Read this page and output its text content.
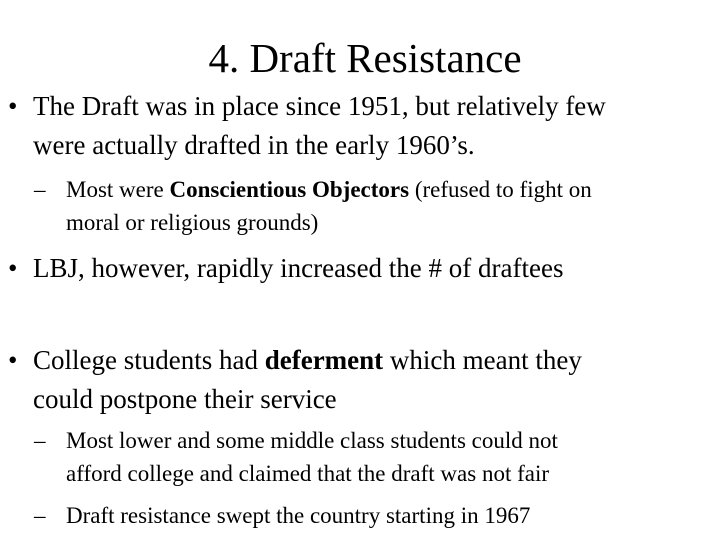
4. Draft Resistance
• The Draft was in place since 1951, but relatively few
were actually drafted in the early 1960’s.
– Most were Conscientious Objectors (refused to fight on
moral or religious grounds)
• LBJ, however, rapidly increased the # of draftees
• College students had deferment which meant they
could postpone their service
– Most lower and some middle class students could not
afford college and claimed that the draft was not fair
– Draft resistance swept the country starting in 1967
